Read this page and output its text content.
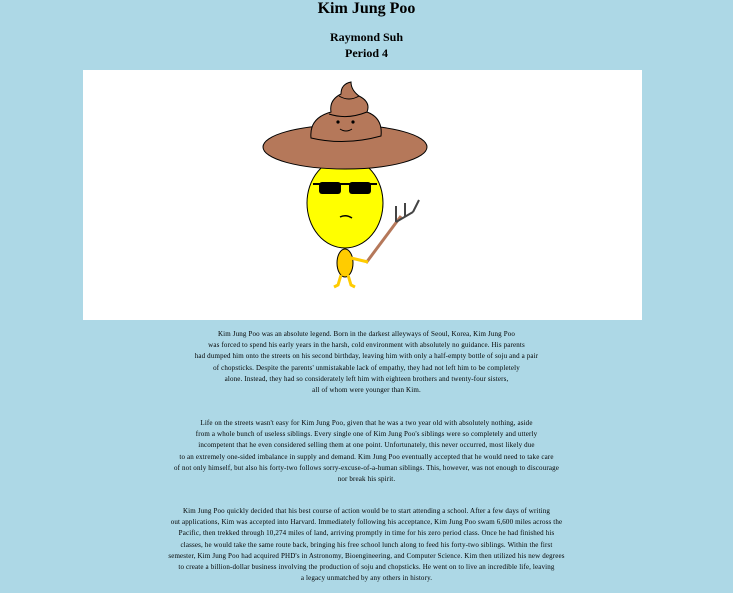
Kim Jung Poo
Raymond Suh
Period 4
Kim Jung Poo was an absolute legend. Born in the darkest alleyways of Seoul, Korea, Kim Jung Poo
was forced to spend his early years in the harsh, cold environment with absolutely no guidance. His parents
had dumped him onto the streets on his second birthday, leaving him with only a half-empty bottle of soju and a pair
of chopsticks. Despite the parents' unmistakable lack of empathy, they had not left him to be completely
alone. Instead, they had so considerately left him with eighteen brothers and twenty-four sisters,
all of whom were younger than Kim.
Life on the streets wasn't easy for Kim Jung Poo, given that he was a two year old with absolutely nothing, aside
from a whole bunch of useless siblings. Every single one of Kim Jung Poo's siblings were so completely and utterly
incompetent that he even considered selling them at one point. Unfortunately, this never occurred, most likely due
to an extremely one-sided imbalance in supply and demand. Kim Jung Poo eventually accepted that he would need to take care
of not only himself, but also his forty-two follows sorry-excuse-of-a-human siblings. This, however, was not enough to discourage
nor break his spirit.
Kim Jung Poo quickly decided that his best course of action would be to start attending a school. After a few days of writing
out applications, Kim was accepted into Harvard. Immediately following his acceptance, Kim Jung Poo swam 6,600 miles across the
Pacific, then trekked through 10,274 miles of land, arriving promptly in time for his zero period class. Once he had finished his
classes, he would take the same route back, bringing his free school lunch along to feed his forty-two siblings. Within the first
semester, Kim Jung Poo had acquired PHD's in Astronomy, Bioengineering, and Computer Science. Kim then utilized his new degrees
to create a billion-dollar business involving the production of soju and chopsticks. He went on to live an incredible life, leaving
a legacy unmatched by any others in history.
